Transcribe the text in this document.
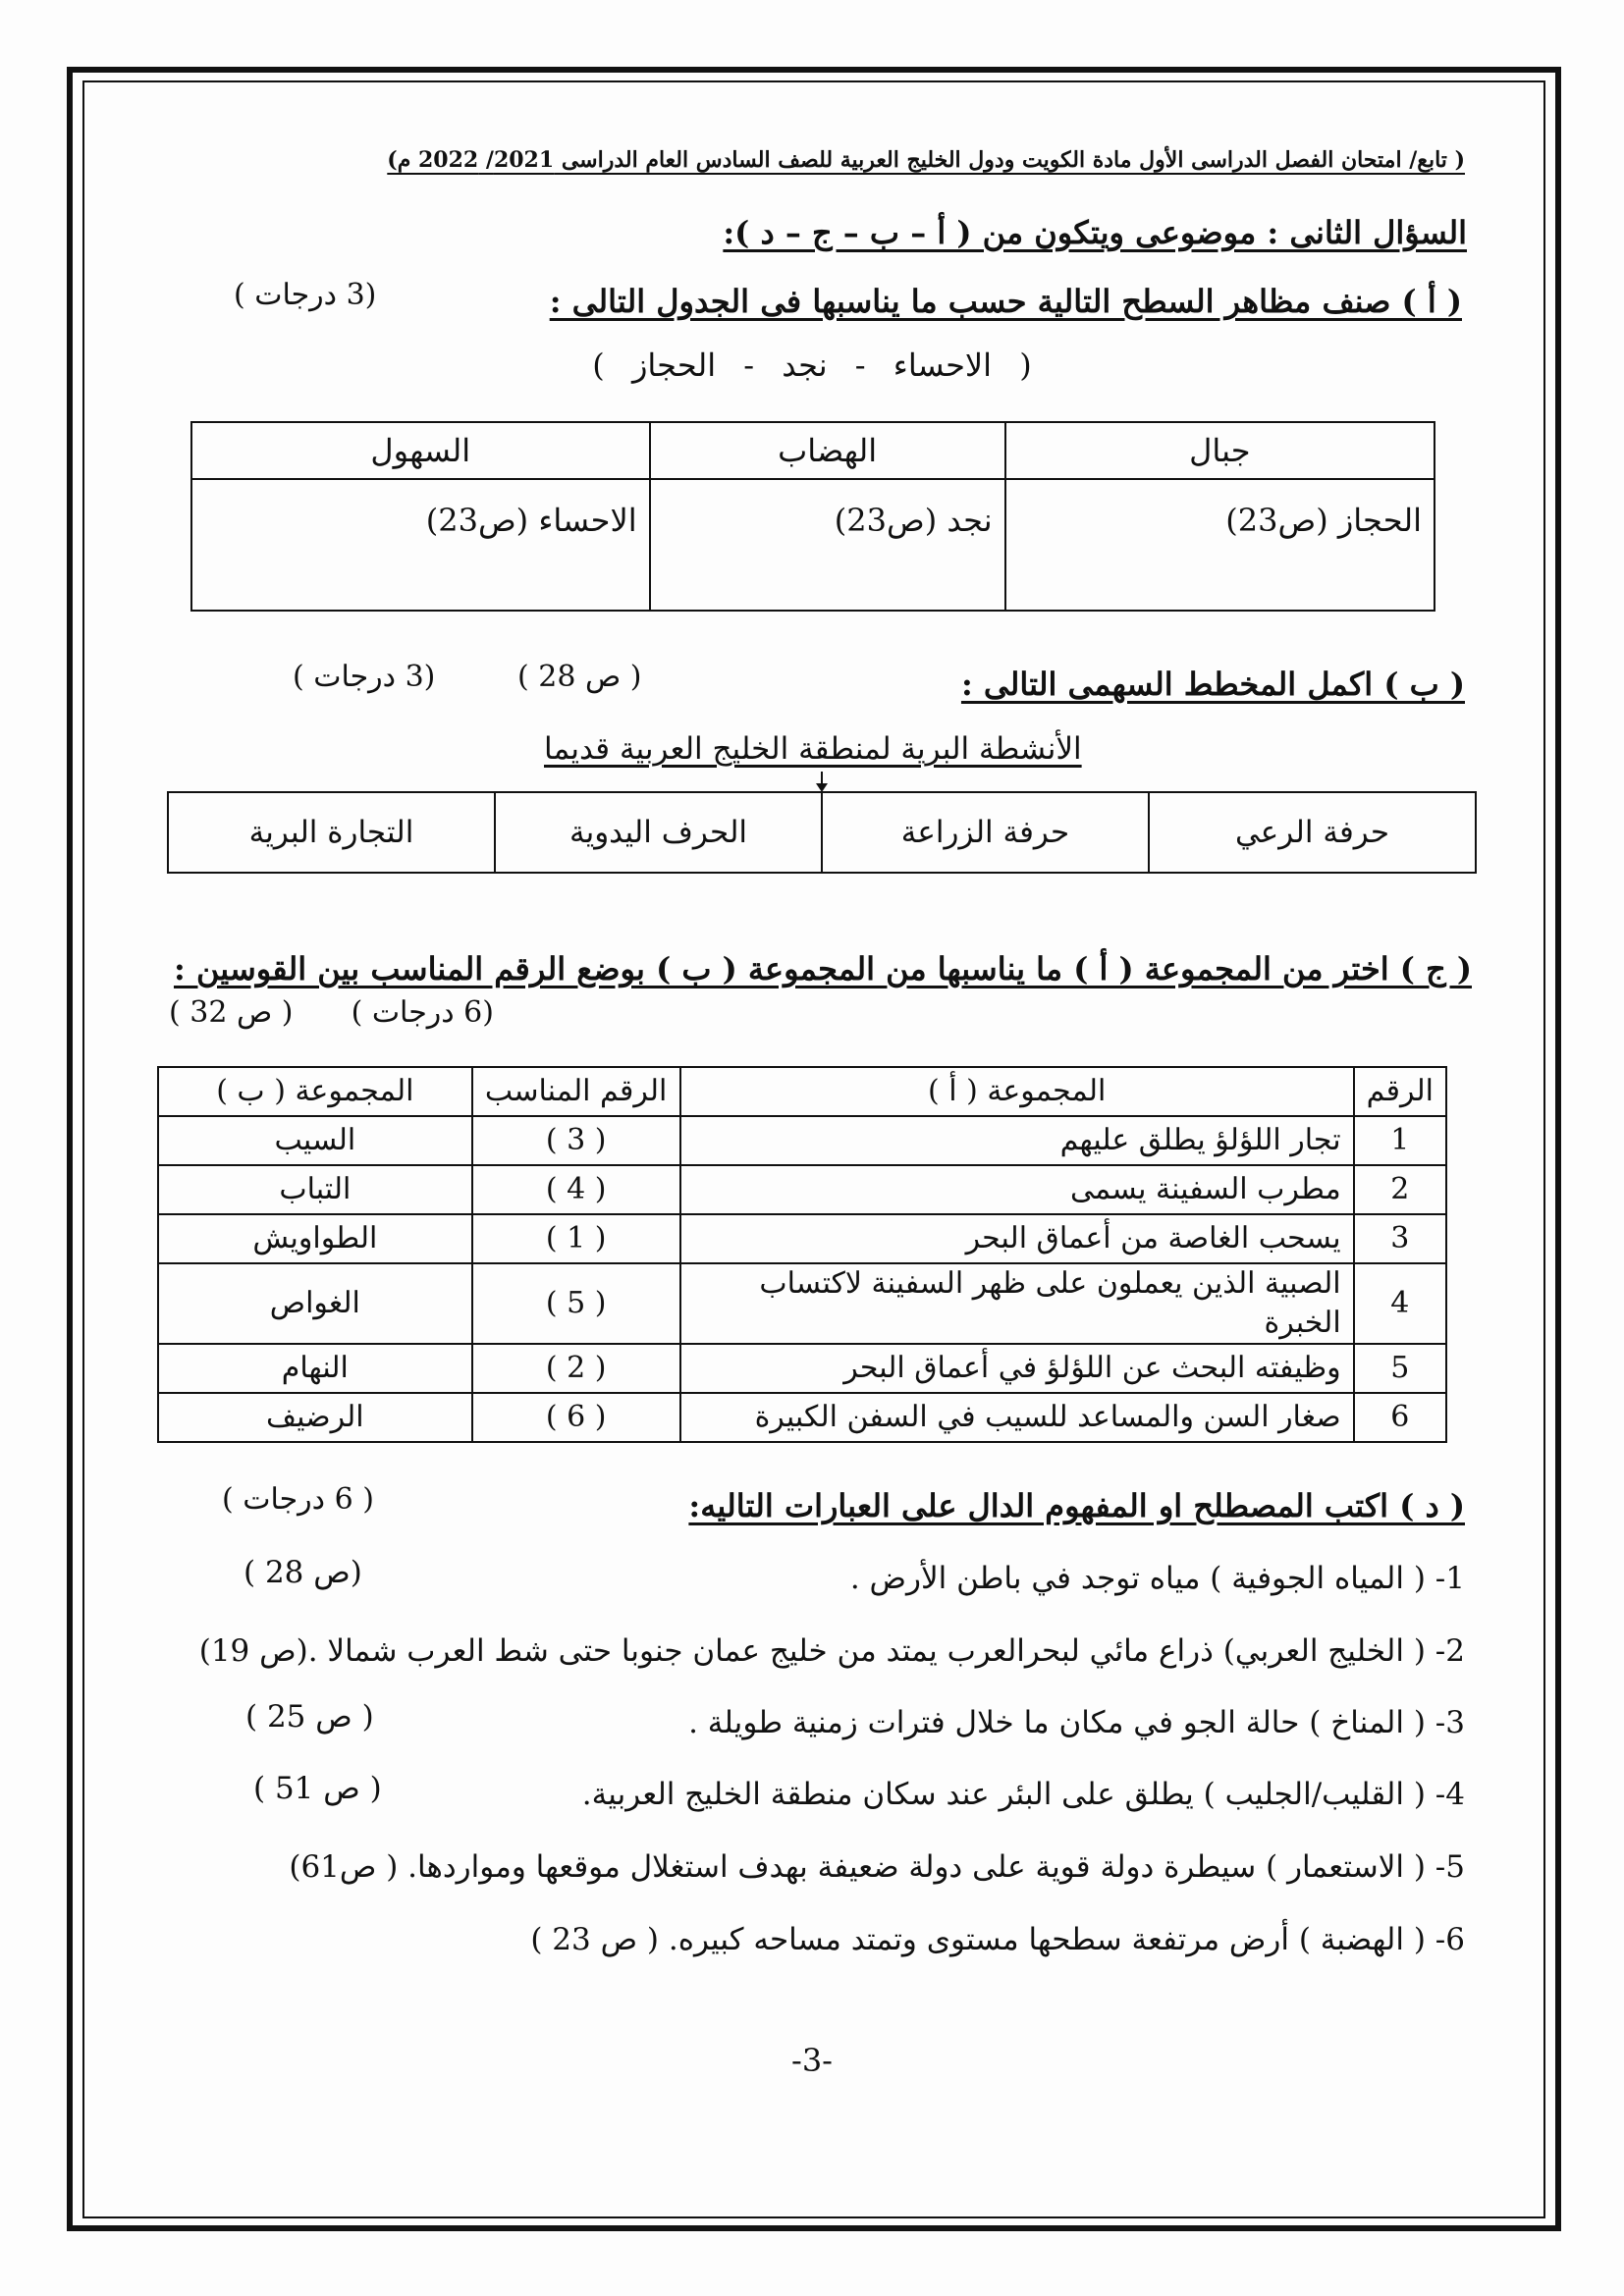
( تابع/ امتحان الفصل الدراسى الأول مادة الكويت ودول الخليج العربية للصف السادس العام الدراسى 2021/ 2022 م)
السؤال الثانى : موضوعى ويتكون من ( أ – ب – ج – د ):
( أ ) صنف مظاهر السطح التالية حسب ما يناسبها فى الجدول التالى :
(3 درجات )
( الاحساء - نجد - الحجاز )
جبال	الهضاب	السهول
الحجاز (ص23)	نجد (ص23)	الاحساء (ص23)
( ب ) اكمل المخطط السهمى التالى :
( ص 28 )
(3 درجات )
الأنشطة البرية لمنطقة الخليج العربية قديما
حرفة الرعي	حرفة الزراعة	الحرف اليدوية	التجارة البرية
( ج ) اختر من المجموعة ( أ ) ما يناسبها من المجموعة ( ب ) بوضع الرقم المناسب بين القوسين :
(6 درجات )  ( ص 32 )
الرقم	المجموعة ( أ )	الرقم المناسب	المجموعة ( ب )
1	تجار اللؤلؤ يطلق عليهم	( 3 )	السيب
2	مطرب السفينة يسمى	( 4 )	التباب
3	يسحب الغاصة من أعماق البحر	( 1 )	الطواويش
4	الصبية الذين يعملون على ظهر السفينة لاكتساب الخبرة	( 5 )	الغواص
5	وظيفته البحث عن اللؤلؤ في أعماق البحر	( 2 )	النهام
6	صغار السن والمساعد للسيب في السفن الكبيرة	( 6 )	الرضيف
( د ) اكتب المصطلح او المفهوم الدال على العبارات التاليه:
( 6 درجات )
1- ( المياه الجوفية ) مياه توجد في باطن الأرض .
(ص 28 )
2- ( الخليج العربي) ذراع مائي لبحرالعرب يمتد من خليج عمان جنوبا حتى شط العرب شمالا .(ص 19)
3- ( المناخ ) حالة الجو في مكان ما خلال فترات زمنية طويلة .
( ص 25 )
4- ( القليب/الجليب ) يطلق على البئر عند سكان منطقة الخليج العربية.
( ص 51 )
5- ( الاستعمار ) سيطرة دولة قوية على دولة ضعيفة بهدف استغلال موقعها ومواردها. ( ص61)
6- ( الهضبة ) أرض مرتفعة سطحها مستوى وتمتد مساحه كبيره. ( ص 23 )
-3-
